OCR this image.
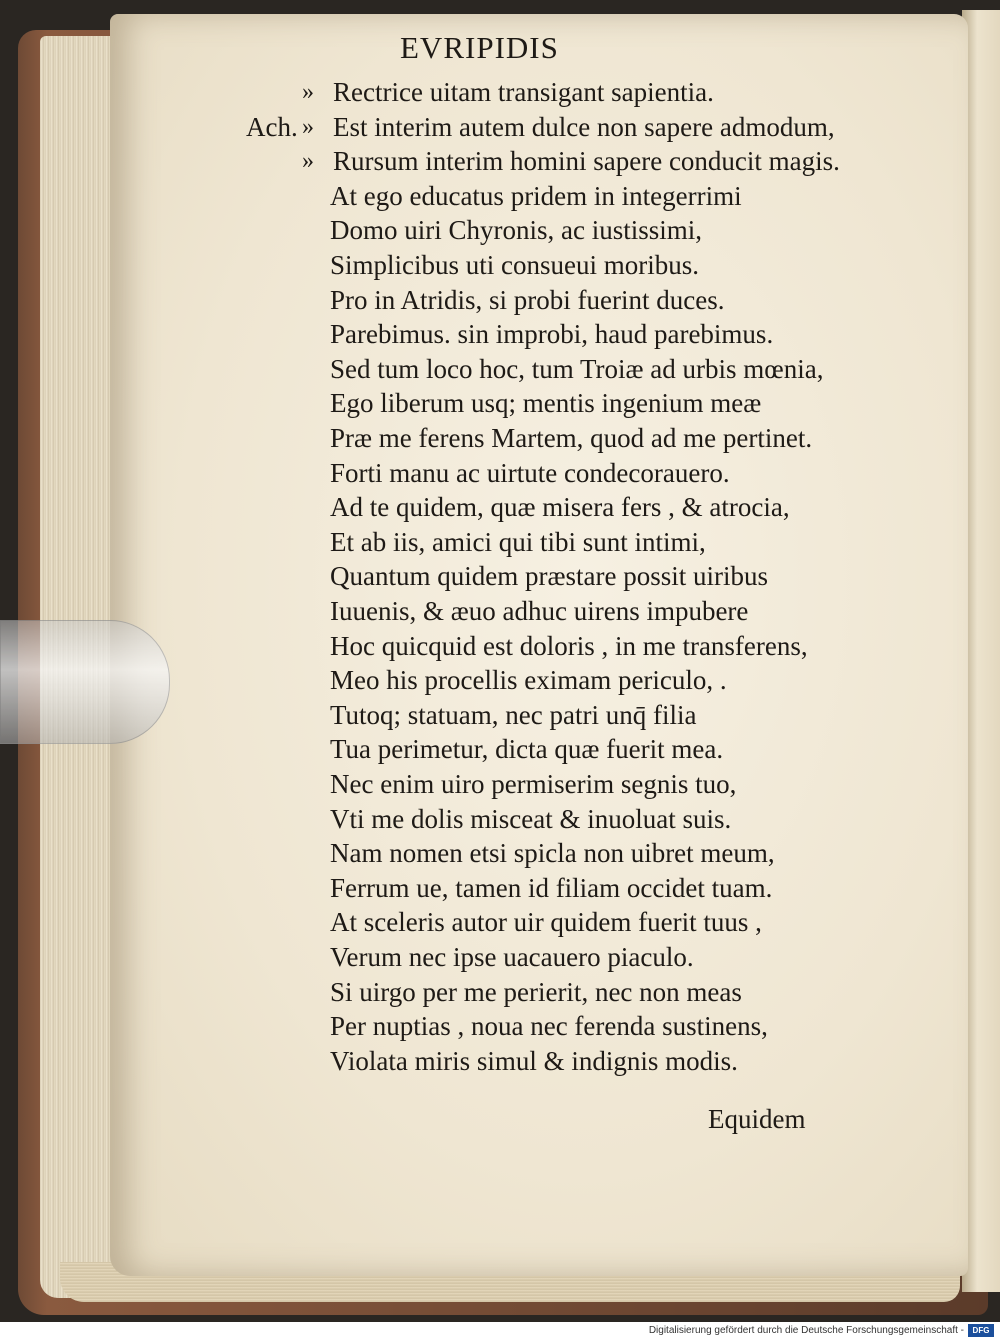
EVRIPIDIS
Rectrice uitam transigant sapientia.
Est interim autem dulce non sapere admodum,
Rursum interim homini sapere conducit magis.
At ego educatus pridem in integerrimi
Domo uiri Chyronis, ac iustissimi,
Simplicibus uti consueui moribus.
Pro in Atridis, si probi fuerint duces.
Parebimus. sin improbi, haud parebimus.
Sed tum loco hoc, tum Troiæ ad urbis mœnia,
Ego liberum usq; mentis ingenium meæ
Præ me ferens Martem, quod ad me pertinet.
Forti manu ac uirtute condecorauero.
Ad te quidem, quæ misera fers , & atrocia,
Et ab iis, amici qui tibi sunt intimi,
Quantum quidem præstare possit uiribus
Iuuenis, & æuo adhuc uirens impubere
Hoc quicquid est doloris , in me transferens,
Meo his procellis eximam periculo, .
Tutoq; statuam, nec patri unq̄ filia
Tua perimetur, dicta quæ fuerit mea.
Nec enim uiro permiserim segnis tuo,
Vti me dolis misceat & inuoluat suis.
Nam nomen etsi spicla non uibret meum,
Ferrum ue, tamen id filiam occidet tuam.
At sceleris autor uir quidem fuerit tuus ,
Verum nec ipse uacauero piaculo.
Si uirgo per me perierit, nec non meas
Per nuptias , noua nec ferenda sustinens,
Violata miris simul & indignis modis.
»
»
»
Ach.
Equidem
Digitalisierung gefördert durch die Deutsche Forschungsgemeinschaft -	DFG
